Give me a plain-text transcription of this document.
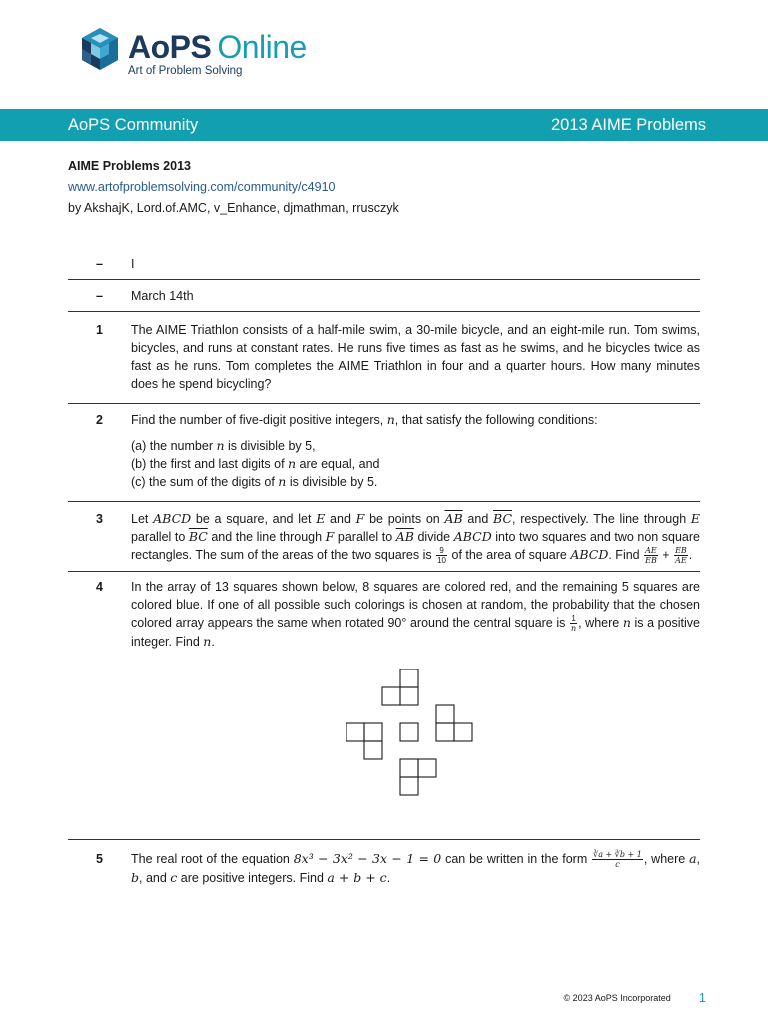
AoPS Online
Art of Problem Solving
AoPS Community	2013 AIME Problems
AIME Problems 2013
www.artofproblemsolving.com/community/c4910
by AkshajK, Lord.of.AMC, v_Enhance, djmathman, rrusczyk
–	I
–	March 14th
1	The AIME Triathlon consists of a half-mile swim, a 30-mile bicycle, and an eight-mile run. Tom swims, bicycles, and runs at constant rates. He runs five times as fast as he swims, and he bicycles twice as fast as he runs. Tom completes the AIME Triathlon in four and a quarter hours. How many minutes does he spend bicycling?
2	Find the number of five-digit positive integers, n, that satisfy the following conditions:
(a) the number n is divisible by 5,
(b) the first and last digits of n are equal, and
(c) the sum of the digits of n is divisible by 5.
3	Let ABCD be a square, and let E and F be points on $\overline{AB}$ and $\overline{BC}$, respectively. The line through E parallel to $\overline{BC}$ and the line through F parallel to $\overline{AB}$ divide ABCD into two squares and two non square rectangles. The sum of the areas of the two squares is $\frac{9}{10}$ of the area of square ABCD. Find $\frac{AE}{EB} + \frac{EB}{AE}$ .
4	In the array of 13 squares shown below, 8 squares are colored red, and the remaining 5 squares are colored blue. If one of all possible such colorings is chosen at random, the probability that the chosen colored array appears the same when rotated 90° around the central square is $\frac{1}{n}$ , where n is a positive integer. Find n.
5	The real root of the equation 8x³ − 3x² − 3x − 1 = 0 can be written in the form $\frac{∛a + ∛b + 1}{c}$ , where a, b, and c are positive integers. Find a + b + c.
© 2023 AoPS Incorporated 1
